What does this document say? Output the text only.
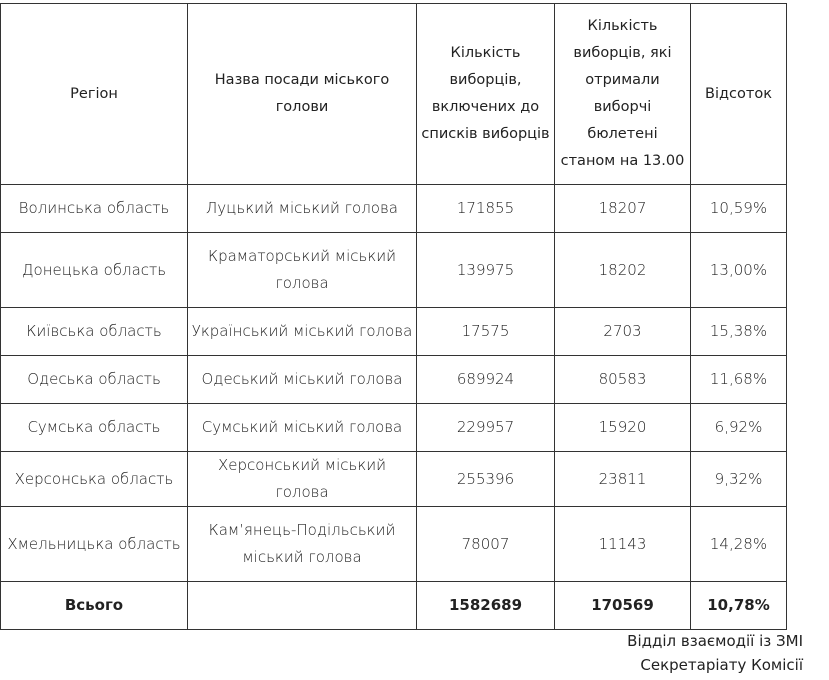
Регіон	Назва посади міського голови	Кількість виборців, включених до списків виборців	Кількість виборців, які отримали виборчі бюлетені станом на 13.00	Відсоток
Волинська область	Луцький міський голова	171855	18207	10,59%
Донецька область	Краматорський міський голова	139975	18202	13,00%
Київська область	Український міський голова	17575	2703	15,38%
Одеська область	Одеський міський голова	689924	80583	11,68%
Сумська область	Сумський міський голова	229957	15920	6,92%
Херсонська область	Херсонський міський голова	255396	23811	9,32%
Хмельницька область	Кам’янець-Подільський міський голова	78007	11143	14,28%
Всього		1582689	170569	10,78%
Відділ взаємодії із ЗМІ
Секретаріату Комісії
